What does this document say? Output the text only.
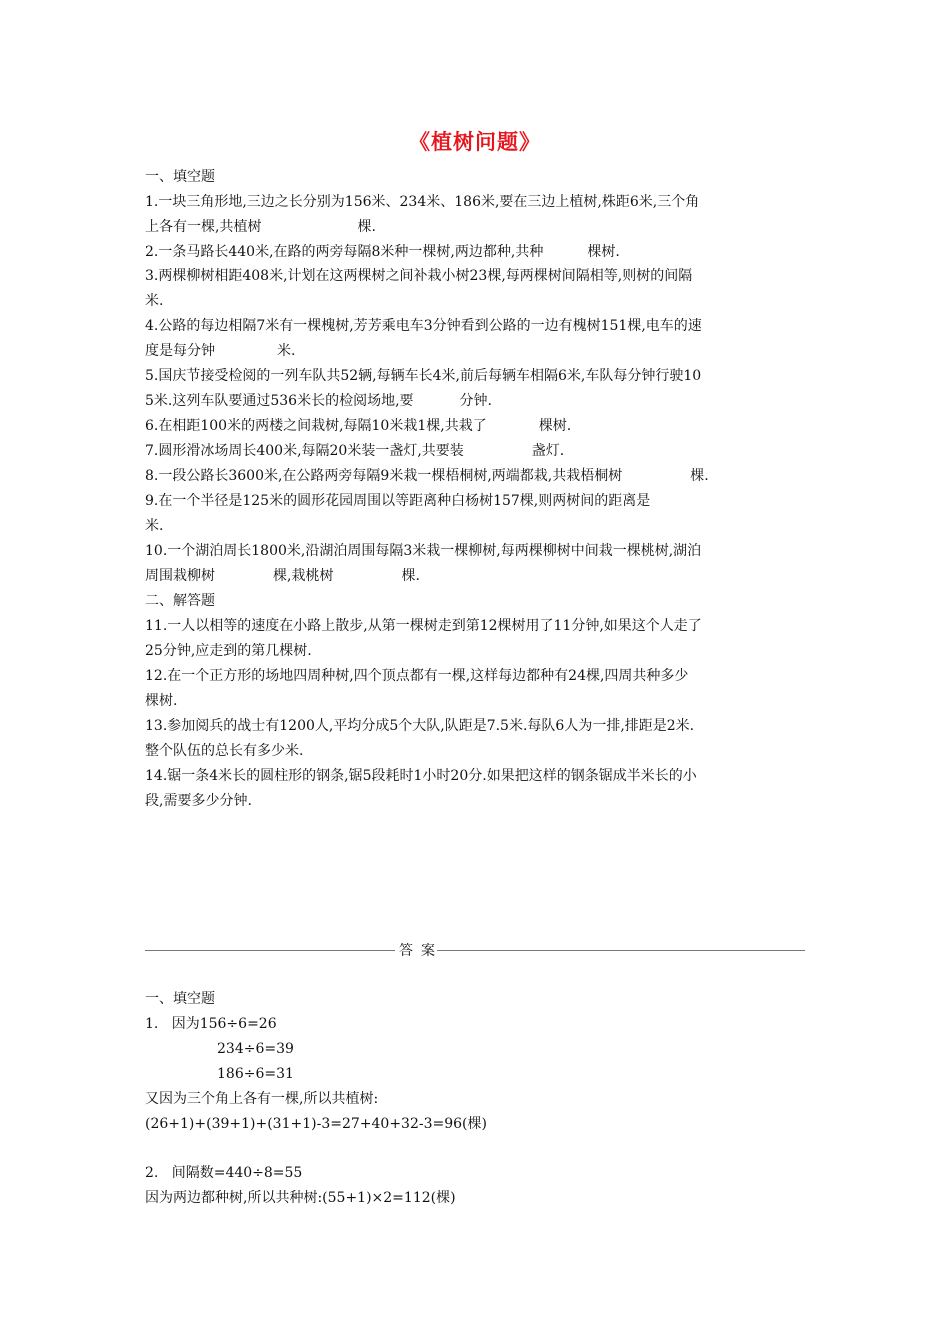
《植树问题》
一、填空题
1.一块三角形地,三边之长分别为156米、234米、186米,要在三边上植树,株距6米,三个角
上各有一棵,共植树	棵.
2.一条马路长440米,在路的两旁每隔8米种一棵树,两边都种,共种	棵树.
3.两棵柳树相距408米,计划在这两棵树之间补栽小树23棵,每两棵树间隔相等,则树的间隔
米.
4.公路的每边相隔7米有一棵槐树,芳芳乘电车3分钟看到公路的一边有槐树151棵,电车的速
度是每分钟	米.
5.国庆节接受检阅的一列车队共52辆,每辆车长4米,前后每辆车相隔6米,车队每分钟行驶10
5米.这列车队要通过536米长的检阅场地,要	分钟.
6.在相距100米的两楼之间栽树,每隔10米栽1棵,共栽了	棵树.
7.圆形滑冰场周长400米,每隔20米装一盏灯,共要装	盏灯.
8.一段公路长3600米,在公路两旁每隔9米栽一棵梧桐树,两端都栽,共栽梧桐树	棵.
9.在一个半径是125米的圆形花园周围以等距离种白杨树157棵,则两树间的距离是
米.
10.一个湖泊周长1800米,沿湖泊周围每隔3米栽一棵柳树,每两棵柳树中间栽一棵桃树,湖泊
周围栽柳树	棵,栽桃树	棵.
二、解答题
11.一人以相等的速度在小路上散步,从第一棵树走到第12棵树用了11分钟,如果这个人走了
25分钟,应走到的第几棵树.
12.在一个正方形的场地四周种树,四个顶点都有一棵,这样每边都种有24棵,四周共种多少
棵树.
13.参加阅兵的战士有1200人,平均分成5个大队,队距是7.5米.每队6人为一排,排距是2米.
整个队伍的总长有多少米.
14.锯一条4米长的圆柱形的钢条,锯5段耗时1小时20分.如果把这样的钢条锯成半米长的小
段,需要多少分钟.
答案
一、填空题
1.   因为156÷6=26
234÷6=39
186÷6=31
又因为三个角上各有一棵,所以共植树:
(26+1)+(39+1)+(31+1)-3=27+40+32-3=96(棵)
2.   间隔数=440÷8=55
因为两边都种树,所以共种树:(55+1)×2=112(棵)
